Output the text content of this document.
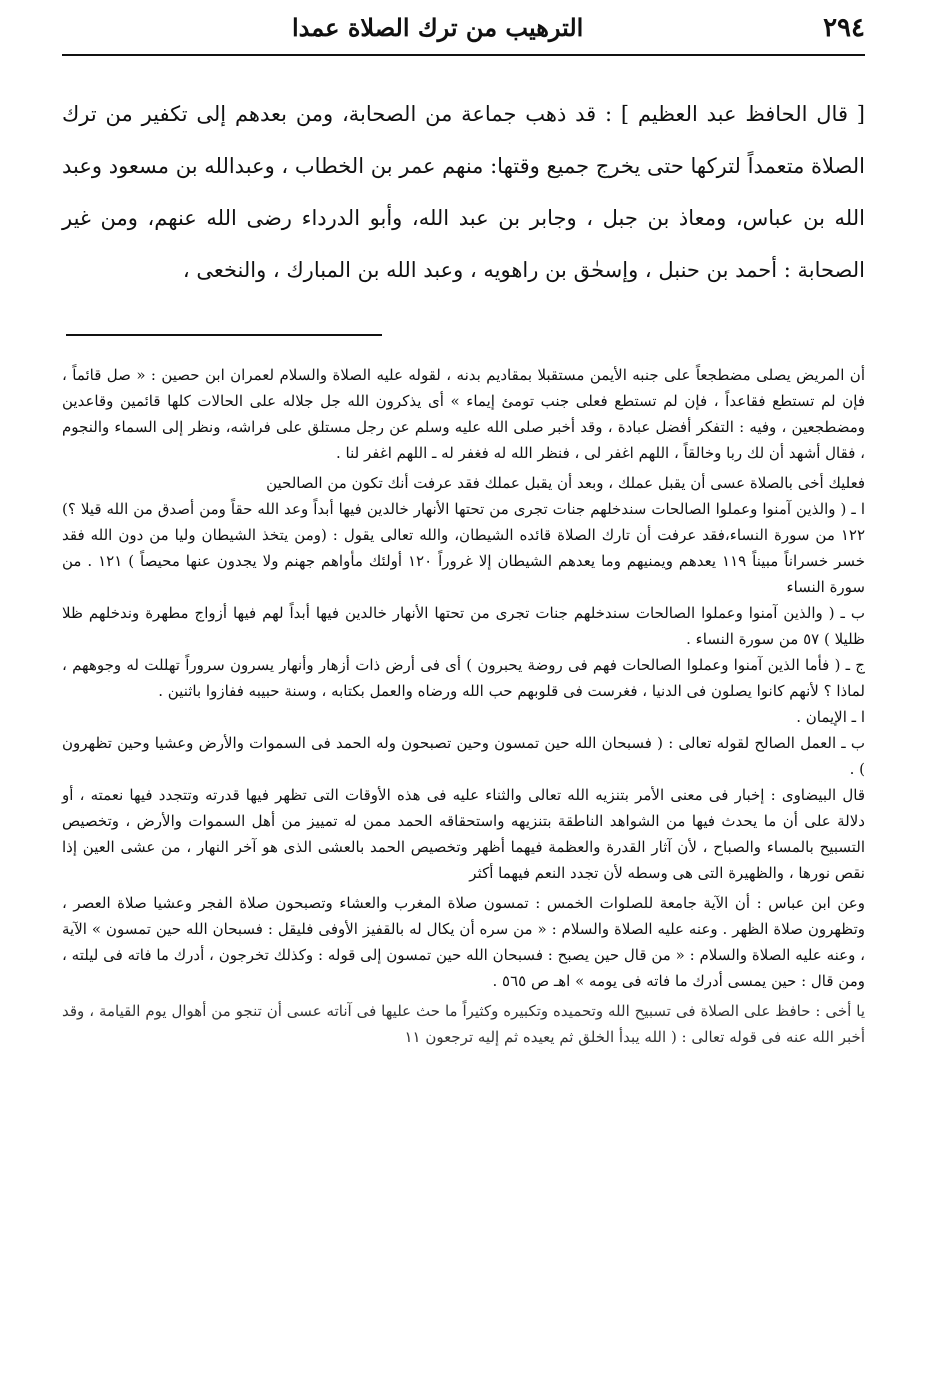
٢٩٤
الترهيب من ترك الصلاة عمدا

[ قال الحافظ عبد العظيم ] : قد ذهب جماعة من الصحابة، ومن بعدهم إلى تكفير من ترك الصلاة متعمداً لتركها حتى يخرج جميع وقتها: منهم عمر بن الخطاب ، وعبدالله بن مسعود وعبد الله بن عباس، ومعاذ بن جبل ، وجابر بن عبد الله، وأبو الدرداء رضى الله عنهم، ومن غير الصحابة : أحمد بن حنبل ، وإسحٰق بن راهويه ، وعبد الله بن المبارك ، والنخعى ،

أن المريض يصلى مضطجعاً على جنبه الأيمن مستقبلا بمقاديم بدنه ، لقوله عليه الصلاة والسلام لعمران ابن حصين : « صل قائماً ، فإن لم تستطع فقاعداً ، فإن لم تستطع فعلى جنب تومئ إيماء » أى يذكرون الله جل جلاله على الحالات كلها قائمين وقاعدين ومضطجعين ، وفيه : التفكر أفضل عبادة ، وقد أخبر صلى الله عليه وسلم عن رجل مستلق على فراشه، ونظر إلى السماء والنجوم ، فقال أشهد أن لك ربا وخالقاً ، اللهم اغفر لى ، فنظر الله له فغفر له ـ اللهم اغفر لنا .

فعليك أخى بالصلاة عسى أن يقبل عملك ، وبعد أن يقبل عملك فقد عرفت أنك تكون من الصالحين

ا ـ ( والذين آمنوا وعملوا الصالحات سندخلهم جنات تجرى من تحتها الأنهار خالدين فيها أبداً وعد الله حقاً ومن أصدق من الله قيلا ؟) ١٢٢ من سورة النساء،فقد عرفت أن تارك الصلاة قائده الشيطان، والله تعالى يقول : (ومن يتخذ الشيطان وليا من دون الله فقد خسر خسراناً مبيناً ١١٩ يعدهم ويمنيهم وما يعدهم الشيطان إلا غروراً ١٢٠ أولئك مأواهم جهنم ولا يجدون عنها محيصاً ) ١٢١ . من سورة النساء

ب ـ ( والذين آمنوا وعملوا الصالحات سندخلهم جنات تجرى من تحتها الأنهار خالدين فيها أبداً لهم فيها أزواج مطهرة وندخلهم ظلا ظليلا ) ٥٧ من سورة النساء .

ج ـ ( فأما الذين آمنوا وعملوا الصالحات فهم فى روضة يحبرون ) أى فى أرض ذات أزهار وأنهار يسرون سروراً تهللت له وجوههم ، لماذا ؟ لأنهم كانوا يصلون فى الدنيا ، فغرست فى قلوبهم حب الله ورضاه والعمل بكتابه ، وسنة حبيبه ففازوا باثنين .

ا ـ الإيمان .

ب ـ العمل الصالح لقوله تعالى : ( فسبحان الله حين تمسون وحين تصبحون وله الحمد فى السموات والأرض وعشيا وحين تظهرون ) .

قال البيضاوى : إخبار فى معنى الأمر بتنزيه الله تعالى والثناء عليه فى هذه الأوقات التى تظهر فيها قدرته وتتجدد فيها نعمته ، أو دلالة على أن ما يحدث فيها من الشواهد الناطقة بتنزيهه واستحقاقه الحمد ممن له تمييز من أهل السموات والأرض ، وتخصيص التسبيح بالمساء والصباح ، لأن آثار القدرة والعظمة فيهما أظهر وتخصيص الحمد بالعشى الذى هو آخر النهار ، من عشى العين إذا نقص نورها ، والظهيرة التى هى وسطه لأن تجدد النعم فيهما أكثر

وعن ابن عباس : أن الآية جامعة للصلوات الخمس : تمسون صلاة المغرب والعشاء وتصبحون صلاة الفجر وعشيا صلاة العصر ، وتظهرون صلاة الظهر . وعنه عليه الصلاة والسلام : « من سره أن يكال له بالقفيز الأوفى فليقل : فسبحان الله حين تمسون » الآية ، وعنه عليه الصلاة والسلام : « من قال حين يصبح : فسبحان الله حين تمسون إلى قوله : وكذلك تخرجون ، أدرك ما فاته فى ليلته ، ومن قال : حين يمسى أدرك ما فاته فى يومه » اهـ ص ٥٦٥ .

يا أخى : حافظ على الصلاة فى تسبيح الله وتحميده وتكبيره وكثيراً ما حث عليها فى آناته عسى أن تنجو من أهوال يوم القيامة ، وقد أخبر الله عنه فى قوله تعالى : ( الله يبدأ الخلق ثم يعيده ثم إليه ترجعون ١١
